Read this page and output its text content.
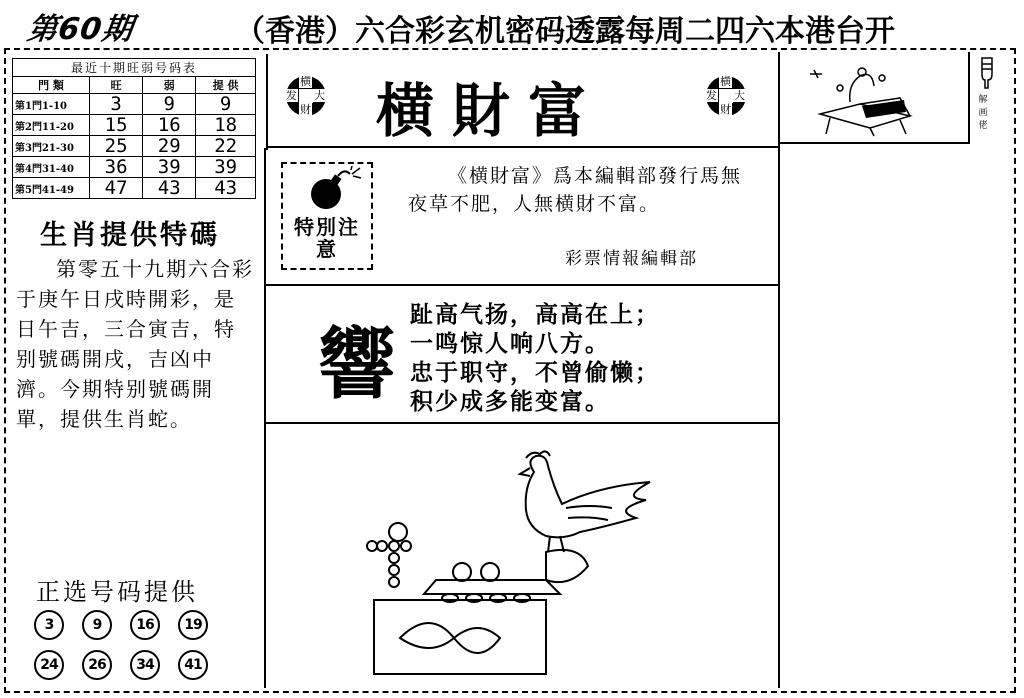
第60期	（香港）六合彩玄机密码透露每周二四六本港台开
最近十期旺弱号码表			
門 類	旺	弱	提 供
第1門1-10	3	9	9
第2門11-20	15	16	18
第3門21-30	25	29	22
第4門31-40	36	39	39
第5門41-49	47	43	43
生肖提供特碼
第零五十九期六合彩于庚午日戌時開彩，是日午吉，三合寅吉，特别號碼開戌，吉凶中濟。今期特别號碼開單，提供生肖蛇。
正选号码提供
3	9	16	19
24	26	34	41
横
发 大
财 横財富	横
发 大
财
特別注意
《横財富》爲本編輯部發行馬無夜草不肥，人無横財不富。
彩票情報編輯部
響
趾高气扬，高高在上；
一鸣惊人响八方。
忠于职守，不曾偷懒；
积少成多能变富。
解画佬
